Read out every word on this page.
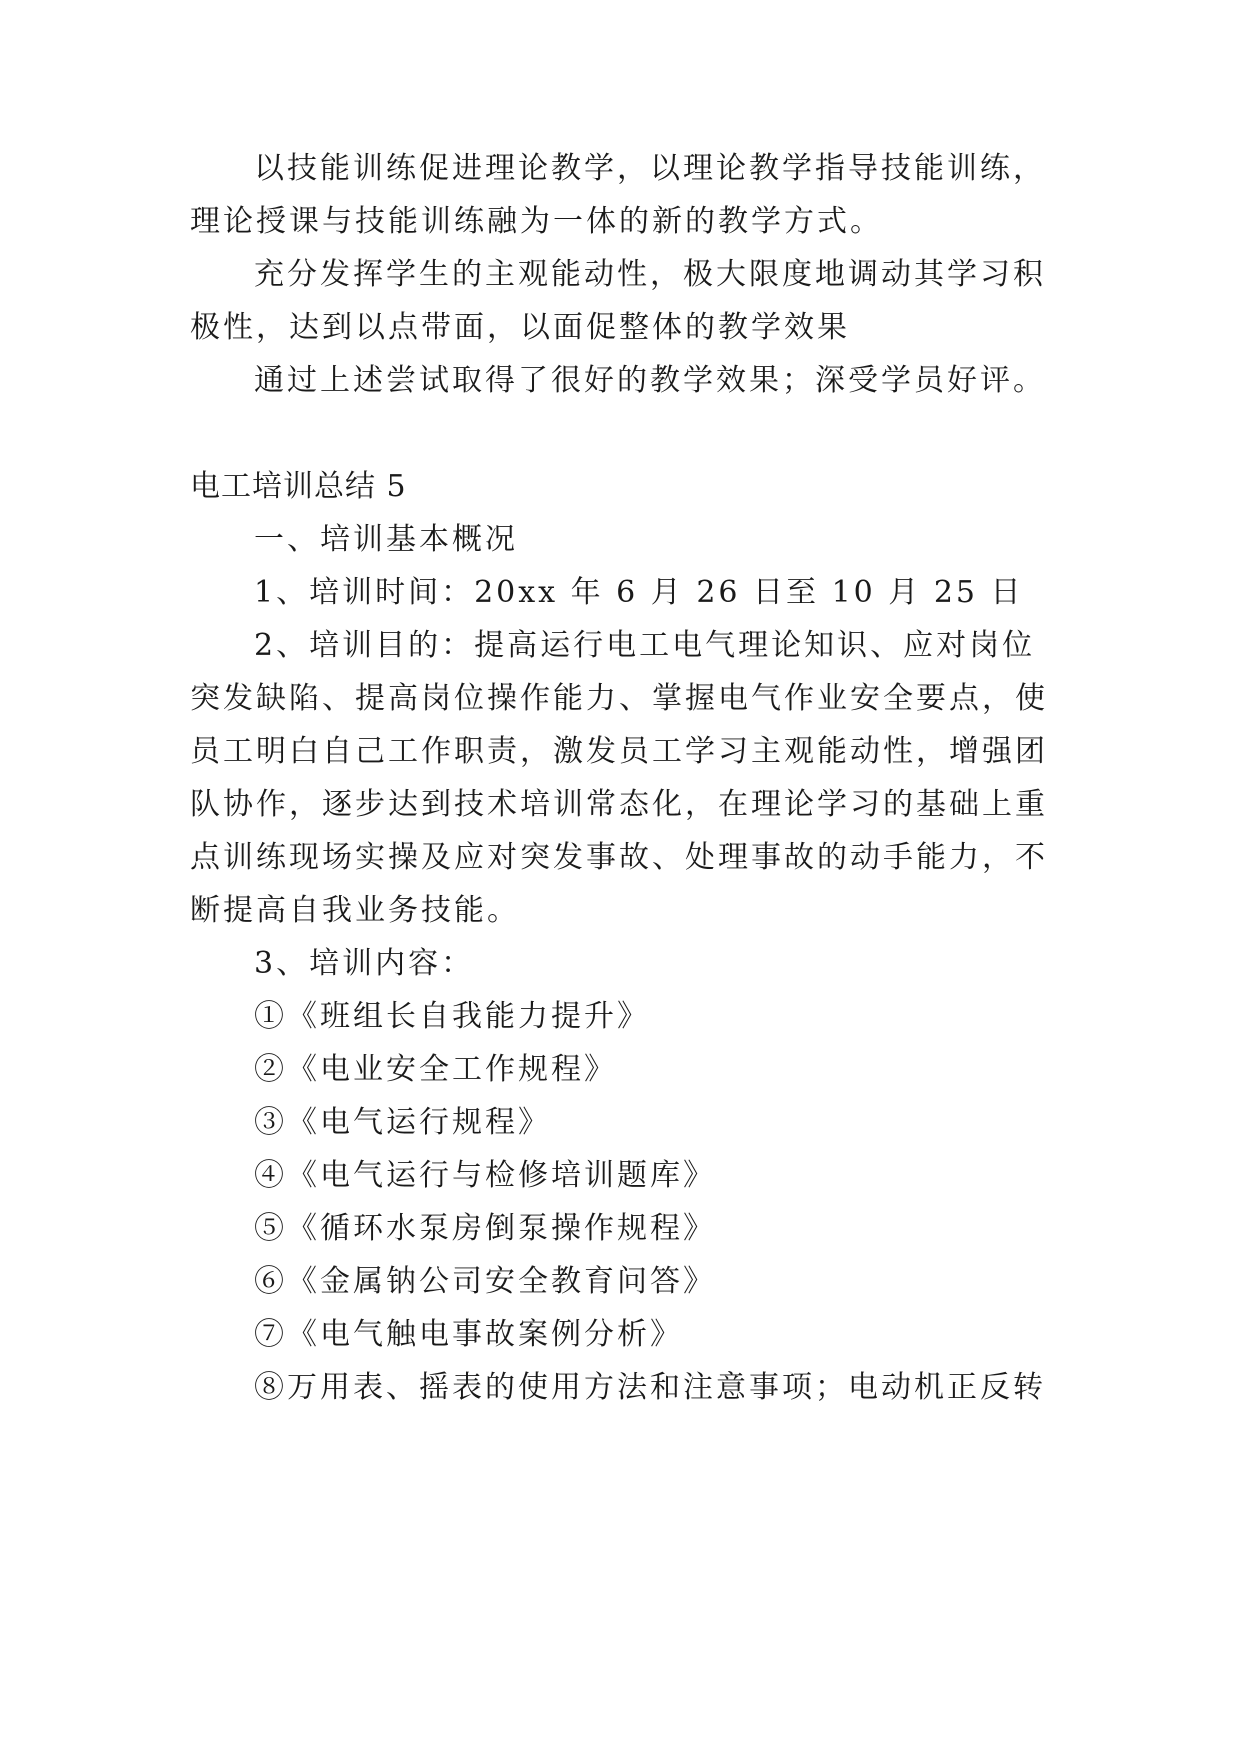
以技能训练促进理论教学，以理论教学指导技能训练，
理论授课与技能训练融为一体的新的教学方式。
充分发挥学生的主观能动性，极大限度地调动其学习积
极性，达到以点带面，以面促整体的教学效果
通过上述尝试取得了很好的教学效果；深受学员好评。
电工培训总结 5
一、培训基本概况
1、培训时间：20xx 年 6 月 26 日至 10 月 25 日
2、培训目的：提高运行电工电气理论知识、应对岗位
突发缺陷、提高岗位操作能力、掌握电气作业安全要点，使
员工明白自己工作职责，激发员工学习主观能动性，增强团
队协作，逐步达到技术培训常态化，在理论学习的基础上重
点训练现场实操及应对突发事故、处理事故的动手能力，不
断提高自我业务技能。
3、培训内容：
①《班组长自我能力提升》
②《电业安全工作规程》
③《电气运行规程》
④《电气运行与检修培训题库》
⑤《循环水泵房倒泵操作规程》
⑥《金属钠公司安全教育问答》
⑦《电气触电事故案例分析》
⑧万用表、摇表的使用方法和注意事项；电动机正反转
